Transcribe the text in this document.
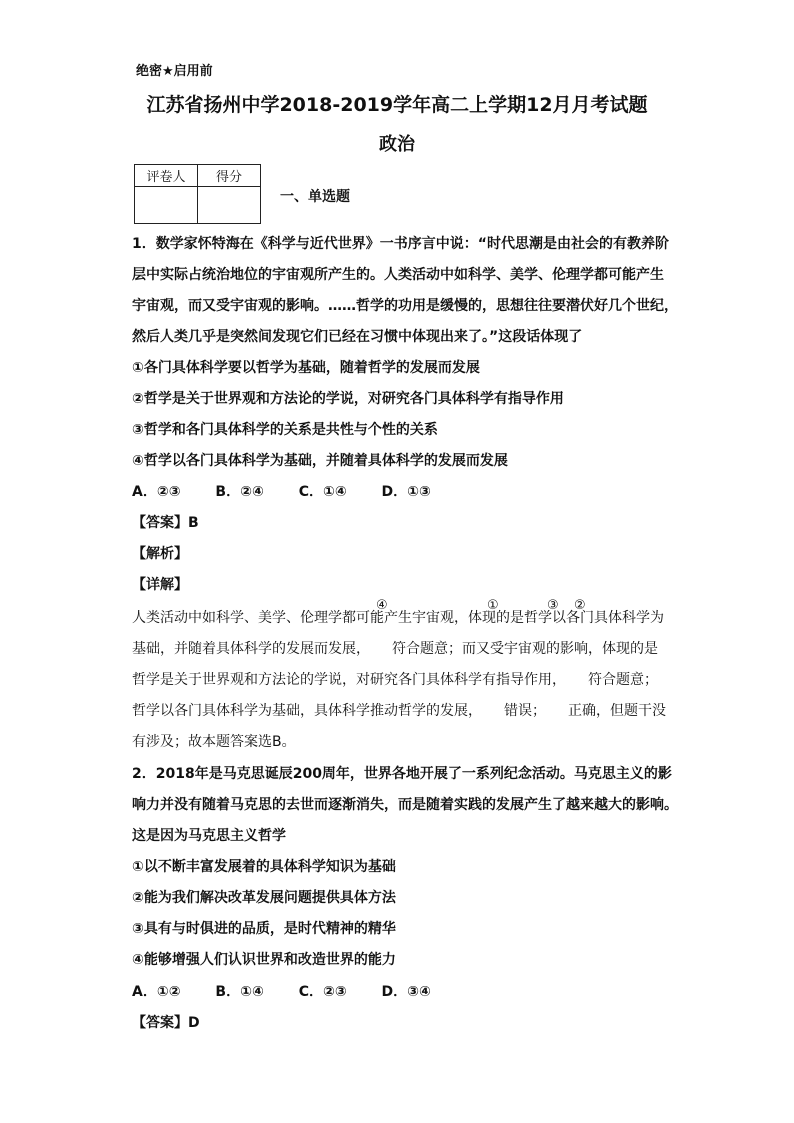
绝密★启用前
江苏省扬州中学2018-2019学年高二上学期12月月考试题
政治
评卷人	得分

一、单选题
1．数学家怀特海在《科学与近代世界》一书序言中说：“时代思潮是由社会的有教养阶
层中实际占统治地位的宇宙观所产生的。人类活动中如科学、美学、伦理学都可能产生
宇宙观，而又受宇宙观的影响。……哲学的功用是缓慢的，思想往往要潜伏好几个世纪，
然后人类几乎是突然间发现它们已经在习惯中体现出来了。”这段话体现了
①各门具体科学要以哲学为基础，随着哲学的发展而发展
②哲学是关于世界观和方法论的学说，对研究各门具体科学有指导作用
③哲学和各门具体科学的关系是共性与个性的关系
④哲学以各门具体科学为基础，并随着具体科学的发展而发展
A．②③ B．②④ C．①④ D．①③
【答案】B
【解析】
【详解】
④	①	③ ②
人类活动中如科学、美学、伦理学都可能产生宇宙观，体现的是哲学以各门具体科学为
基础，并随着具体科学的发展而发展， 符合题意；而又受宇宙观的影响，体现的是
哲学是关于世界观和方法论的学说，对研究各门具体科学有指导作用， 符合题意；
哲学以各门具体科学为基础，具体科学推动哲学的发展， 错误； 正确，但题干没
有涉及；故本题答案选B。
2．2018年是马克思诞辰200周年，世界各地开展了一系列纪念活动。马克思主义的影
响力并没有随着马克思的去世而逐渐消失，而是随着实践的发展产生了越来越大的影响。
这是因为马克思主义哲学
①以不断丰富发展着的具体科学知识为基础
②能为我们解决改革发展问题提供具体方法
③具有与时俱进的品质，是时代精神的精华
④能够增强人们认识世界和改造世界的能力
A．①② B．①④ C．②③ D．③④
【答案】D
